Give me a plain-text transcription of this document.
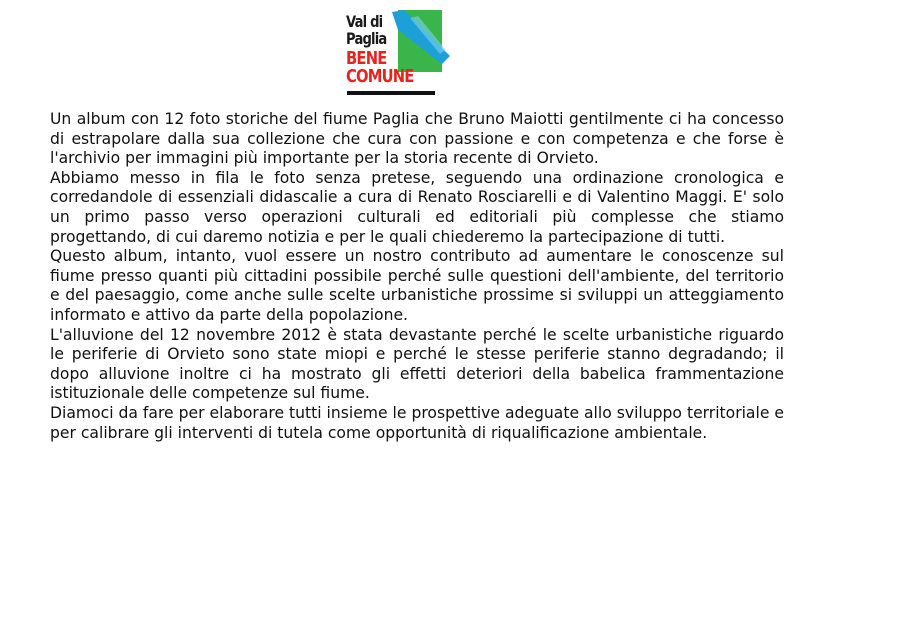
Val di
Paglia
BENE
COMUNE

Un album con 12 foto storiche del fiume Paglia che Bruno Maiotti gentilmente ci ha concesso di estrapolare dalla sua collezione che cura con passione e con competenza e che forse è l'archivio per immagini più importante per la storia recente di Orvieto.

Abbiamo messo in fila le foto senza pretese, seguendo una ordinazione cronologica e corredandole di essenziali didascalie a cura di Renato Rosciarelli e di Valentino Maggi. E' solo un primo passo verso operazioni culturali ed editoriali più complesse che stiamo progettando, di cui daremo notizia e per le quali chiederemo la partecipazione di tutti.

Questo album, intanto, vuol essere un nostro contributo ad aumentare le conoscenze sul fiume presso quanti più cittadini possibile perché sulle questioni dell'ambiente, del territorio e del paesaggio, come anche sulle scelte urbanistiche prossime si sviluppi un atteggiamento informato e attivo da parte della popolazione.

L'alluvione del 12 novembre 2012 è stata devastante perché le scelte urbanistiche riguardo le periferie di Orvieto sono state miopi e perché le stesse periferie stanno degradando; il dopo alluvione inoltre ci ha mostrato gli effetti deteriori della babelica frammentazione istituzionale delle competenze sul fiume.

Diamoci da fare per elaborare tutti insieme le prospettive adeguate allo sviluppo territoriale e per calibrare gli interventi di tutela come opportunità di riqualificazione ambientale.
